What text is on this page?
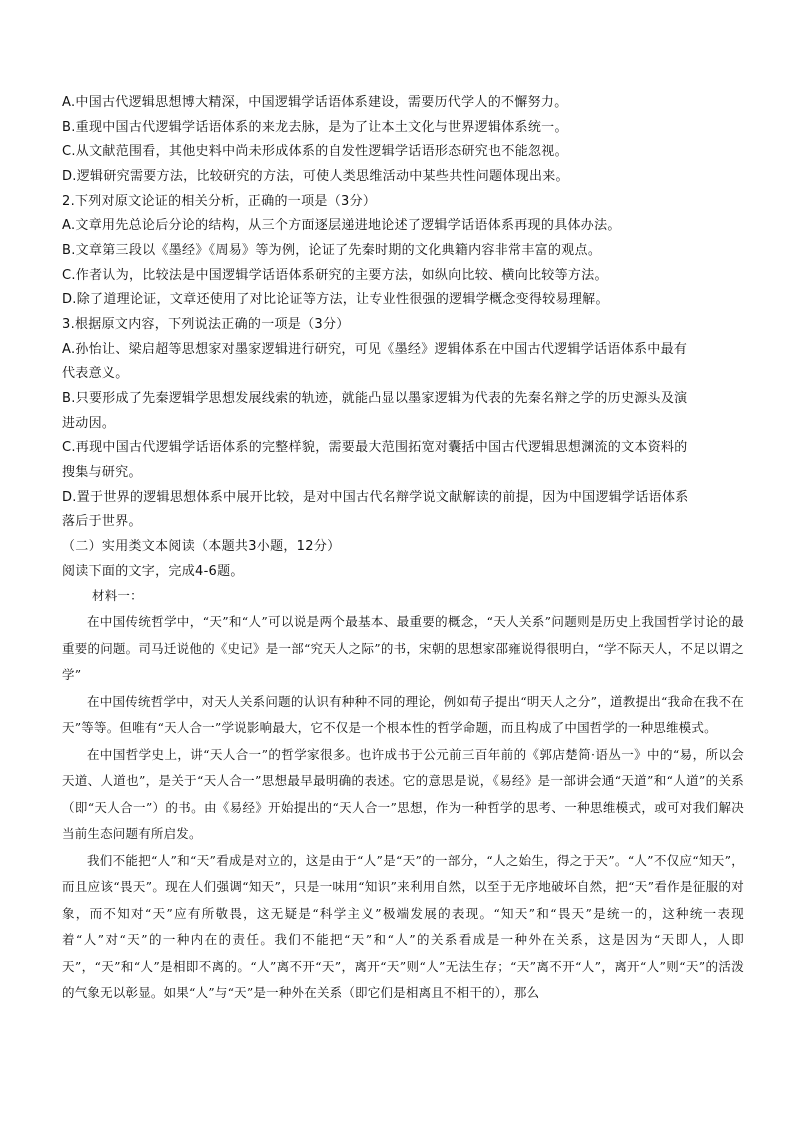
A.中国古代逻辑思想博大精深，中国逻辑学话语体系建设，需要历代学人的不懈努力。
B.重现中国古代逻辑学话语体系的来龙去脉，是为了让本土文化与世界逻辑体系统一。
C.从文献范围看，其他史料中尚未形成体系的自发性逻辑学话语形态研究也不能忽视。
D.逻辑研究需要方法，比较研究的方法，可使人类思维活动中某些共性问题体现出来。
2.下列对原文论证的相关分析，正确的一项是（3分）
A.文章用先总论后分论的结构，从三个方面逐层递进地论述了逻辑学话语体系再现的具体办法。
B.文章第三段以《墨经》《周易》等为例，论证了先秦时期的文化典籍内容非常丰富的观点。
C.作者认为，比较法是中国逻辑学话语体系研究的主要方法，如纵向比较、横向比较等方法。
D.除了道理论证，文章还使用了对比论证等方法，让专业性很强的逻辑学概念变得较易理解。
3.根据原文内容，下列说法正确的一项是（3分）
A.孙怡让、梁启超等思想家对墨家逻辑进行研究，可见《墨经》逻辑体系在中国古代逻辑学话语体系中最有
代表意义。
B.只要形成了先秦逻辑学思想发展线索的轨迹，就能凸显以墨家逻辑为代表的先秦名辩之学的历史源头及演
进动因。
C.再现中国古代逻辑学话语体系的完整样貌，需要最大范围拓宽对囊括中国古代逻辑思想渊流的文本资料的
搜集与研究。
D.置于世界的逻辑思想体系中展开比较，是对中国古代名辩学说文献解读的前提，因为中国逻辑学话语体系
落后于世界。
（二）实用类文本阅读（本题共3小题，12分）
阅读下面的文字，完成4-6题。
材料一：

在中国传统哲学中，“天”和“人”可以说是两个最基本、最重要的概念，“天人关系”问题则是历史上我国哲学讨论的最重要的问题。司马迁说他的《史记》是一部“究天人之际”的书，宋朝的思想家邵雍说得很明白，“学不际天人，不足以谓之学”

在中国传统哲学中，对天人关系问题的认识有种种不同的理论，例如荀子提出“明天人之分”，道教提出“我命在我不在天”等等。但唯有“天人合一”学说影响最大，它不仅是一个根本性的哲学命题，而且构成了中国哲学的一种思维模式。

在中国哲学史上，讲“天人合一”的哲学家很多。也许成书于公元前三百年前的《郭店楚简·语丛一》中的“易，所以会天道、人道也”，是关于“天人合一”思想最早最明确的表述。它的意思是说，《易经》是一部讲会通“天道”和“人道”的关系（即“天人合一”）的书。由《易经》开始提出的“天人合一”思想，作为一种哲学的思考、一种思维模式，或可对我们解决当前生态问题有所启发。

我们不能把“人”和“天”看成是对立的，这是由于“人”是“天”的一部分，“人之始生，得之于天”。“人”不仅应“知天”，而且应该“畏天”。现在人们强调“知天”，只是一味用“知识”来利用自然，以至于无序地破坏自然，把“天”看作是征服的对象，而不知对“天”应有所敬畏，这无疑是“科学主义”极端发展的表现。“知天”和“畏天”是统一的，这种统一表现着“人”对“天”的一种内在的责任。我们不能把“天”和“人”的关系看成是一种外在关系，这是因为“天即人，人即天”，“天”和“人”是相即不离的。“人”离不开“天”，离开“天”则“人”无法生存；“天”离不开“人”，离开“人”则“天”的活泼的气象无以彰显。如果“人”与“天”是一种外在关系（即它们是相离且不相干的），那么
